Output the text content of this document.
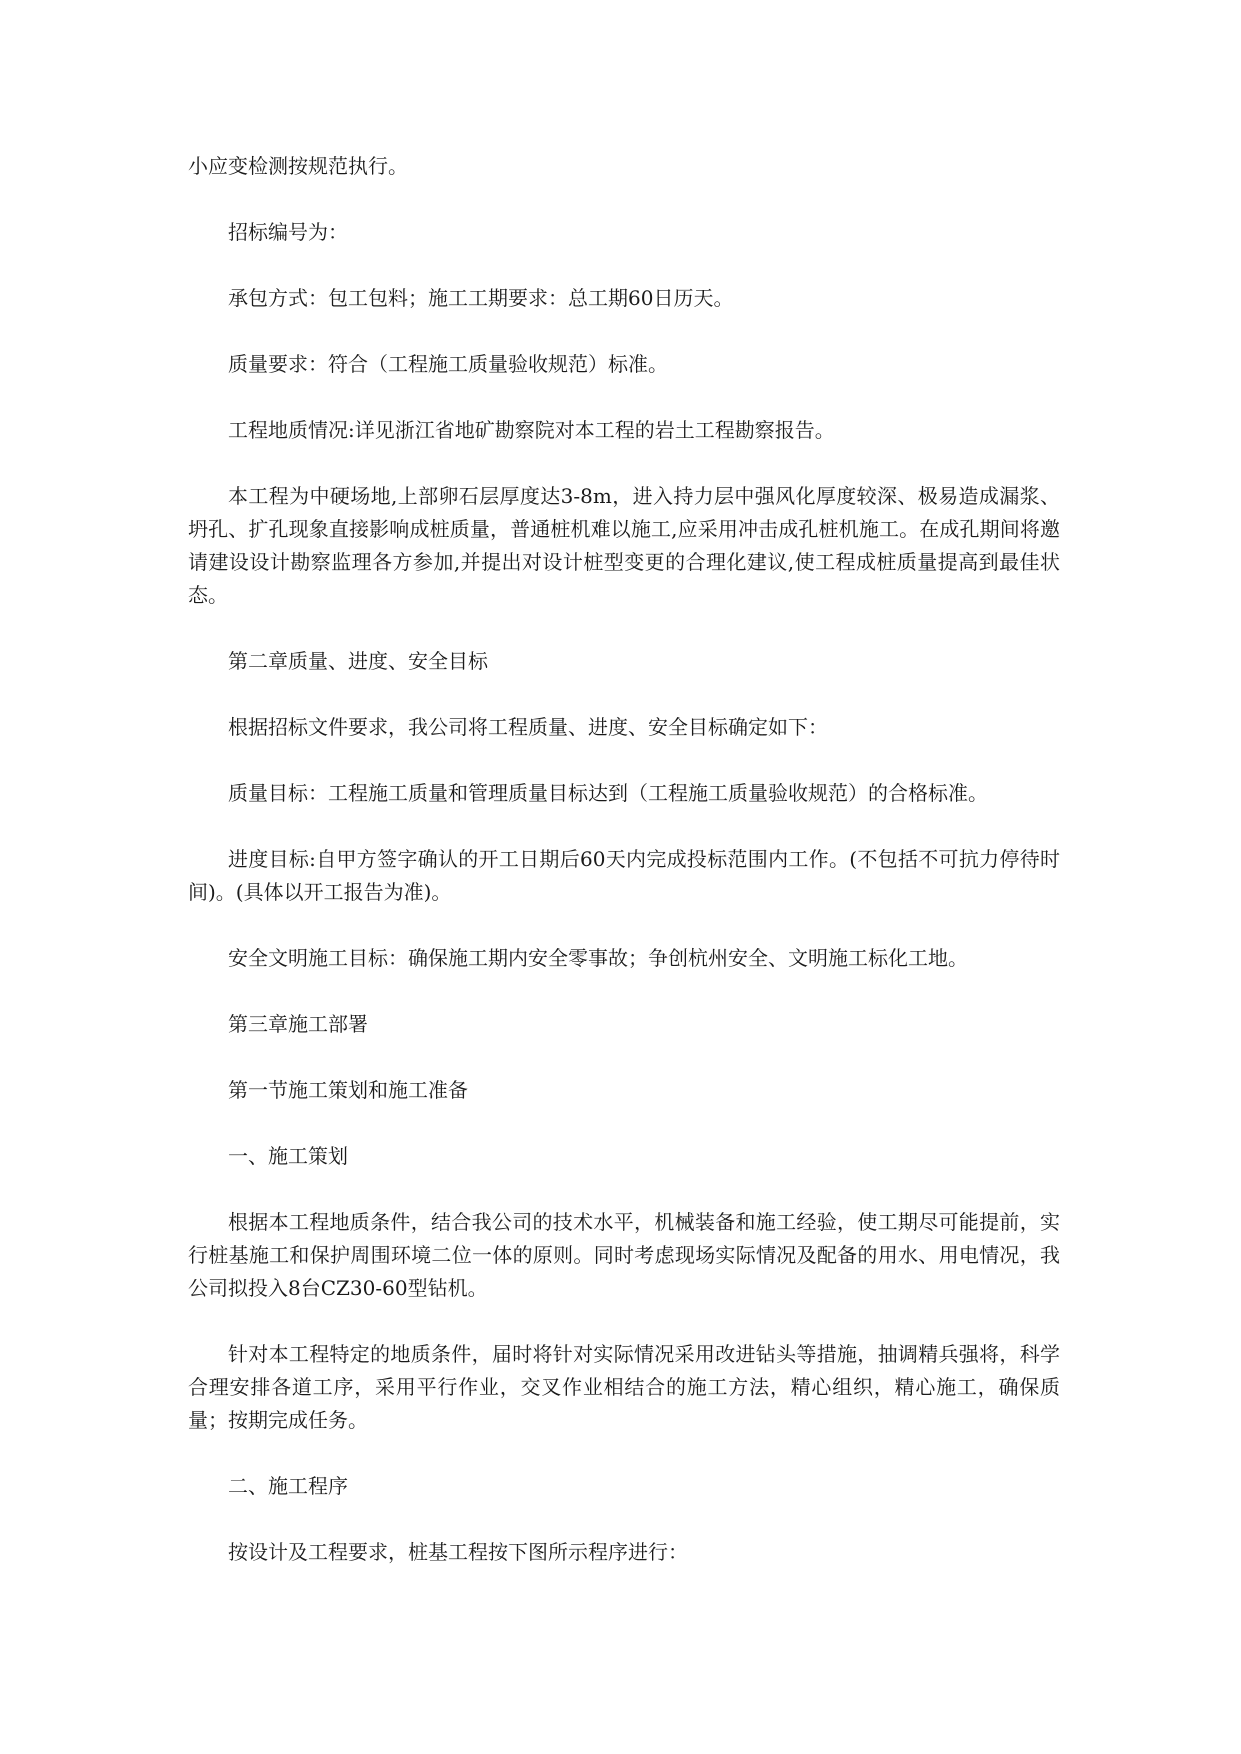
小应变检测按规范执行。

招标编号为：

承包方式：包工包料；施工工期要求：总工期60日历天。

质量要求：符合（工程施工质量验收规范）标准。

工程地质情况:详见浙江省地矿勘察院对本工程的岩土工程勘察报告。

本工程为中硬场地,上部卵石层厚度达3-8m，进入持力层中强风化厚度较深、极易造成漏浆、坍孔、扩孔现象直接影响成桩质量，普通桩机难以施工,应采用冲击成孔桩机施工。在成孔期间将邀请建设设计勘察监理各方参加,并提出对设计桩型变更的合理化建议,使工程成桩质量提高到最佳状态。

第二章质量、进度、安全目标

根据招标文件要求，我公司将工程质量、进度、安全目标确定如下：

质量目标：工程施工质量和管理质量目标达到（工程施工质量验收规范）的合格标准。

进度目标:自甲方签字确认的开工日期后60天内完成投标范围内工作。(不包括不可抗力停待时间)。(具体以开工报告为准)。

安全文明施工目标：确保施工期内安全零事故；争创杭州安全、文明施工标化工地。

第三章施工部署

第一节施工策划和施工准备

一、施工策划

根据本工程地质条件，结合我公司的技术水平，机械装备和施工经验，使工期尽可能提前，实行桩基施工和保护周围环境二位一体的原则。同时考虑现场实际情况及配备的用水、用电情况，我公司拟投入8台CZ30-60型钻机。

针对本工程特定的地质条件，届时将针对实际情况采用改进钻头等措施，抽调精兵强将，科学合理安排各道工序，采用平行作业，交叉作业相结合的施工方法，精心组织，精心施工，确保质量；按期完成任务。

二、施工程序

按设计及工程要求，桩基工程按下图所示程序进行：
